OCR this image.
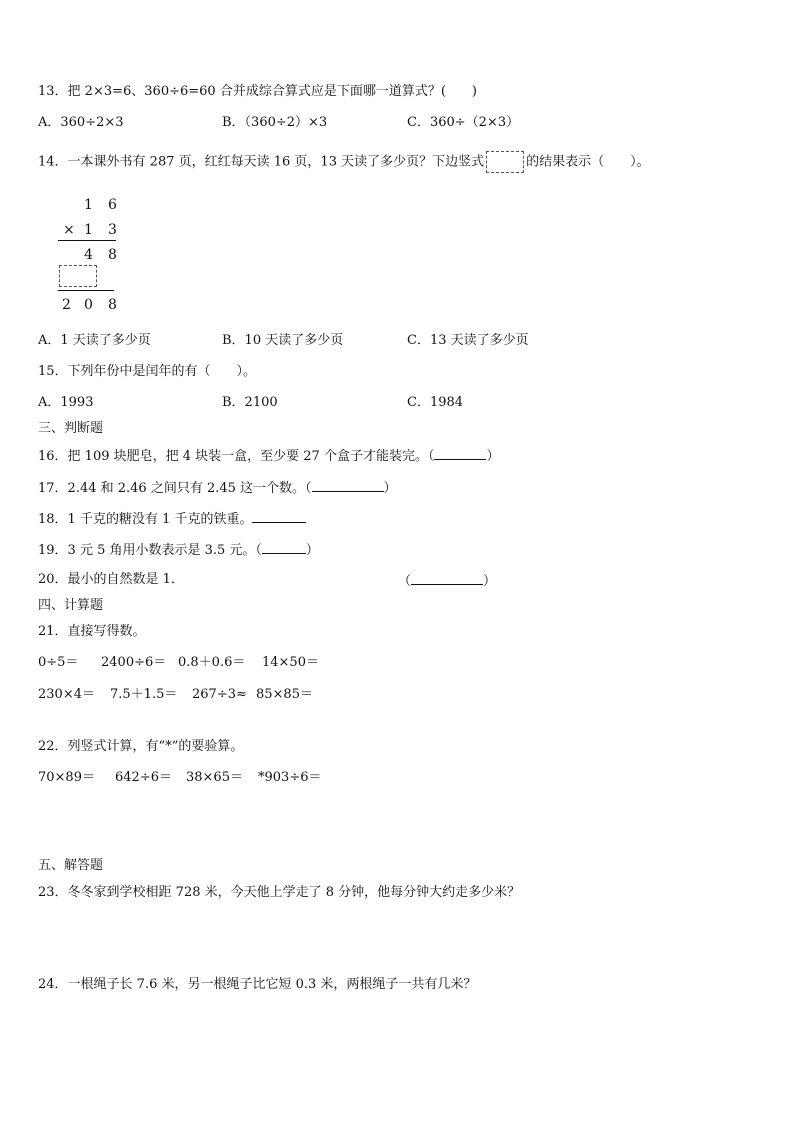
13．把 2×3=6、360÷6=60 合并成综合算式应是下面哪一道算式？(　　)
A．360÷2×3	B．（360÷2）×3	C．360÷（2×3）
14．一本课外书有 287 页，红红每天读 16 页，13 天读了多少页？下边竖式	的结果表示（　　）。
1 6
× 1 3
4 8
2 0 8
A．1 天读了多少页	B．10 天读了多少页	C．13 天读了多少页
15．下列年份中是闰年的有（　　）。
A．1993	B．2100	C．1984
三、判断题
16．把 109 块肥皂，把 4 块装一盒，至少要 27 个盒子才能装完。（	）
17．2.44 和 2.46 之间只有 2.45 这一个数。（	）
18．1 千克的糖没有 1 千克的铁重。
19．3 元 5 角用小数表示是 3.5 元。（	）
20．最小的自然数是 1．	（	）
四、计算题
21．直接写得数。
0÷5＝ 2400÷6＝ 0.8＋0.6＝ 14×50＝
230×4＝ 7.5＋1.5＝ 267÷3≈ 85×85＝
22．列竖式计算，有“*”的要验算。
70×89＝ 642÷6＝ 38×65＝ *903÷6＝
五、解答题
23．冬冬家到学校相距 728 米，今天他上学走了 8 分钟，他每分钟大约走多少米？
24．一根绳子长 7.6 米，另一根绳子比它短 0.3 米，两根绳子一共有几米？
